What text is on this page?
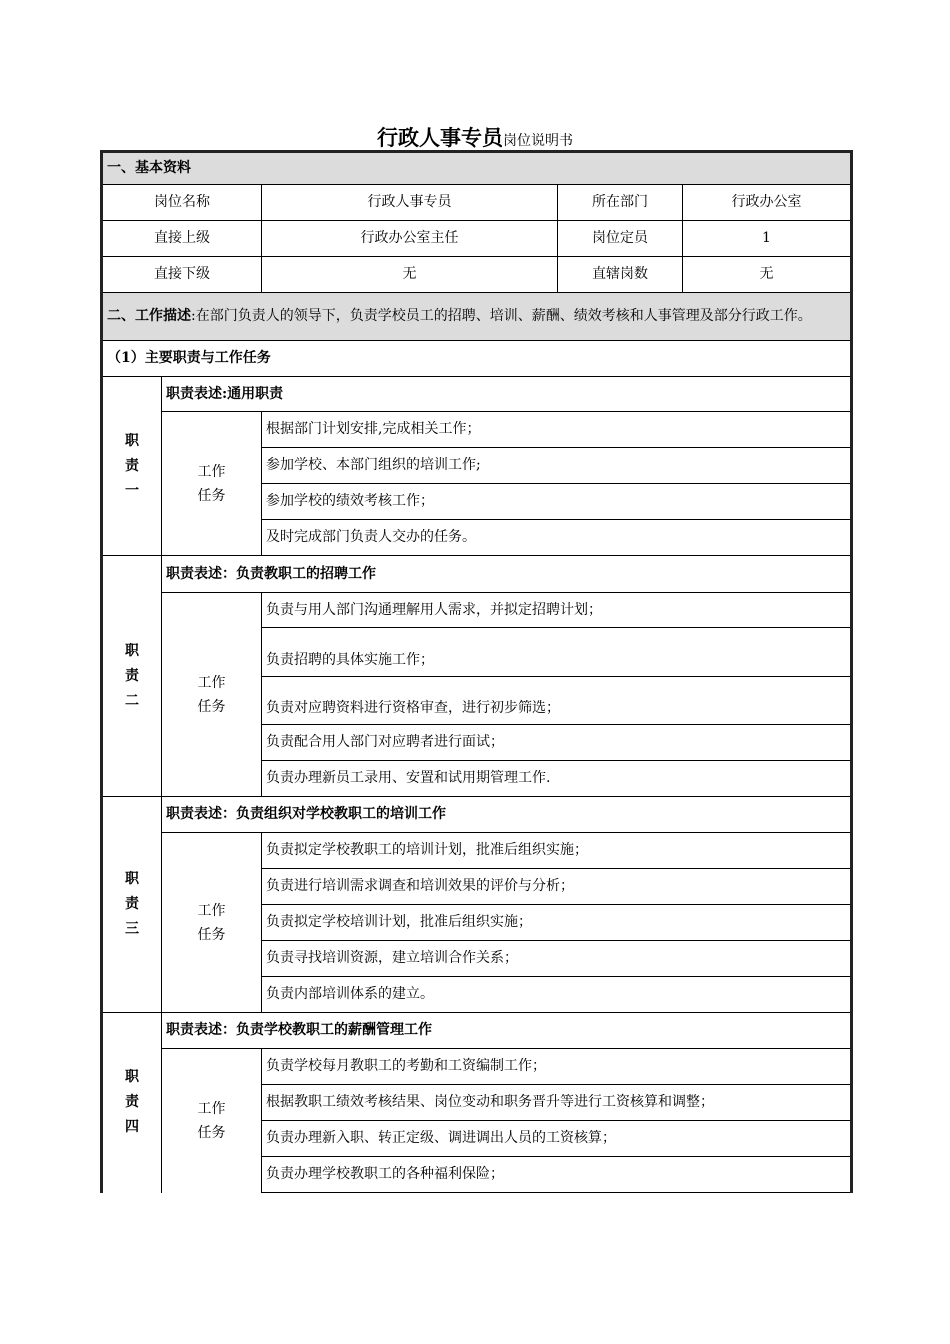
行政人事专员岗位说明书
一、基本资料				
岗位名称		行政人事专员	所在部门	行政办公室
直接上级		行政办公室主任	岗位定员	1
直接下级		无	直辖岗数	无
二、工作描述:在部门负责人的领导下，负责学校员工的招聘、培训、薪酬、绩效考核和人事管理及部分行政工作。				
（1）主要职责与工作任务				

职
责
一	职责表述:通用职责			

	工作
任务	根据部门计划安排,完成相关工作；		
		参加学校、本部门组织的培训工作;		
		参加学校的绩效考核工作；		
		及时完成部门负责人交办的任务。		

职
责
二	职责表述：负责教职工的招聘工作			

	工作
任务	负责与用人部门沟通理解用人需求，并拟定招聘计划；		
		负责招聘的具体实施工作；		
		负责对应聘资料进行资格审查，进行初步筛选；		
		负责配合用人部门对应聘者进行面试；		
		负责办理新员工录用、安置和试用期管理工作.		

职
责
三	职责表述：负责组织对学校教职工的培训工作			

	工作
任务	负责拟定学校教职工的培训计划，批准后组织实施；		
		负责进行培训需求调查和培训效果的评价与分析；		
		负责拟定学校培训计划，批准后组织实施；		
		负责寻找培训资源，建立培训合作关系；		
		负责内部培训体系的建立。		

职
责
四	职责表述：负责学校教职工的薪酬管理工作			

	工作
任务	负责学校每月教职工的考勤和工资编制工作；		
		根据教职工绩效考核结果、岗位变动和职务晋升等进行工资核算和调整；		
		负责办理新入职、转正定级、调进调出人员的工资核算；		
		负责办理学校教职工的各种福利保险；		
